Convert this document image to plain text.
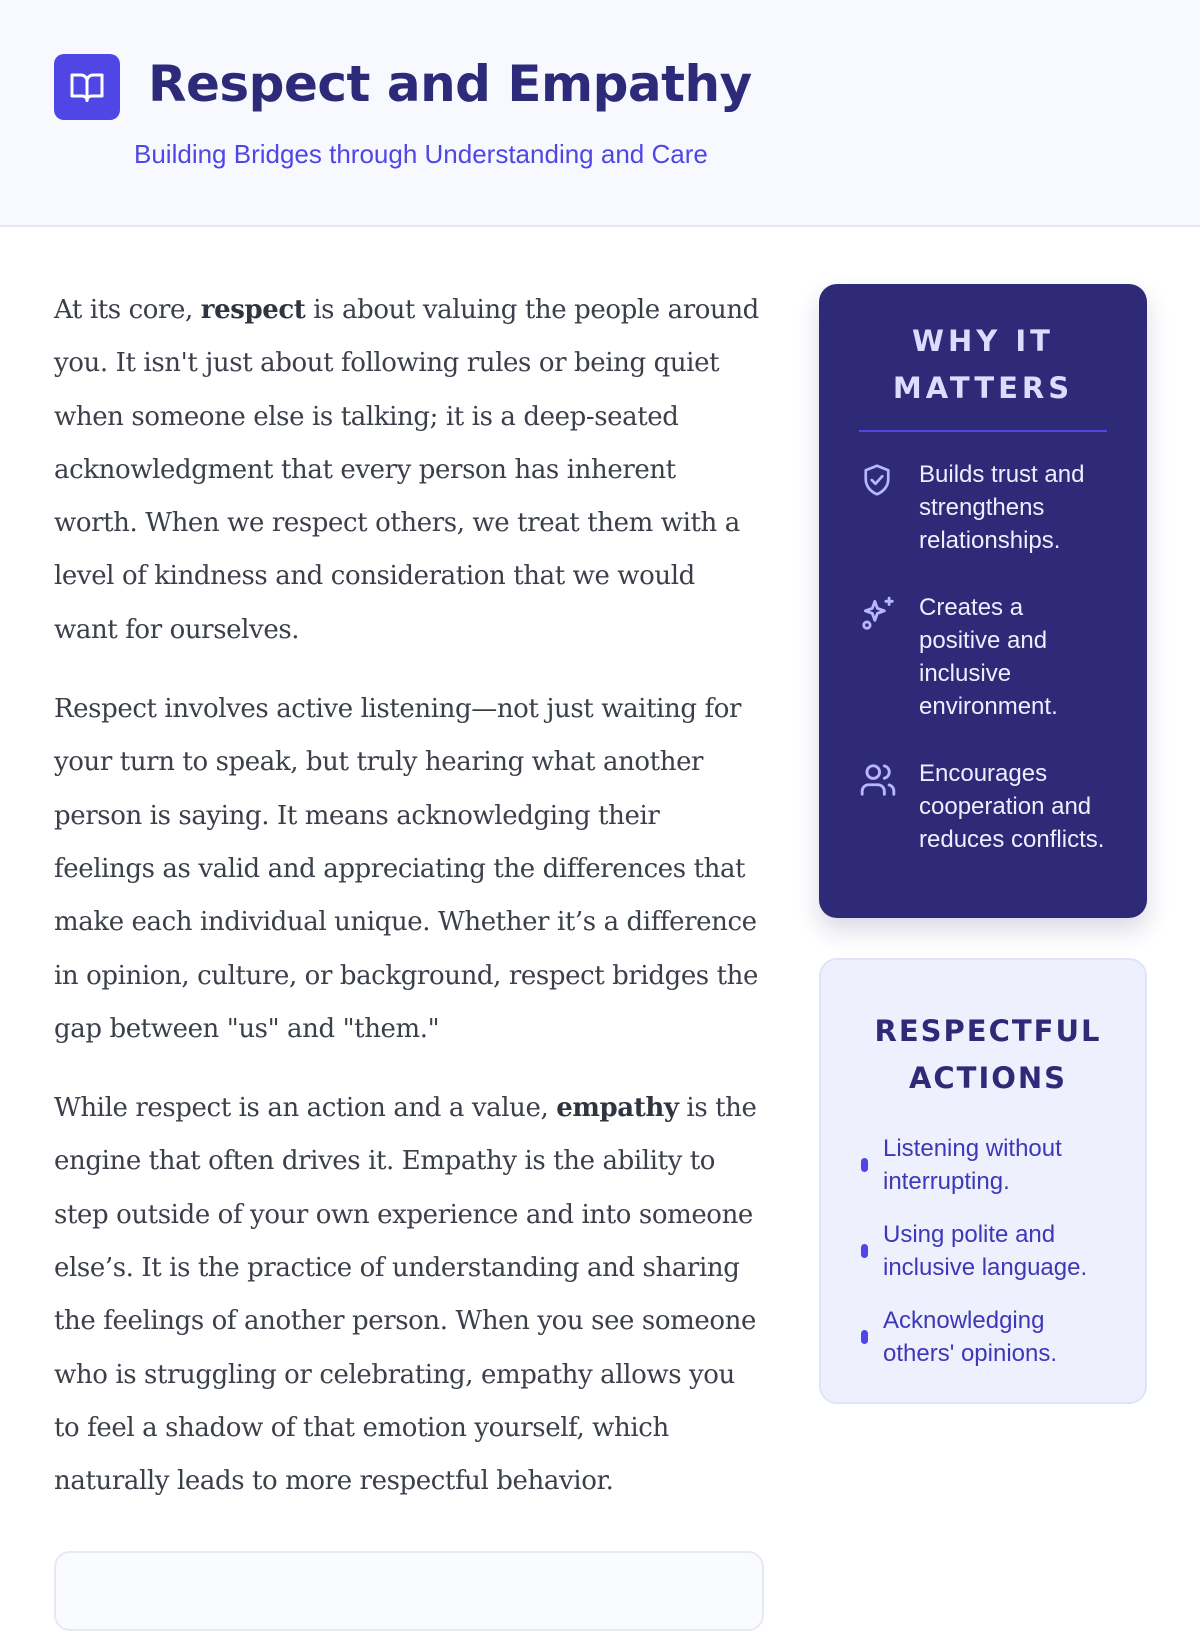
Respect and Empathy
Building Bridges through Understanding and Care

At its core, respect is about valuing the people around you. It isn't just about following rules or being quiet when someone else is talking; it is a deep-seated acknowledgment that every person has inherent worth. When we respect others, we treat them with a level of kindness and consideration that we would want for ourselves.

Respect involves active listening—not just waiting for your turn to speak, but truly hearing what another person is saying. It means acknowledging their feelings as valid and appreciating the differences that make each individual unique. Whether it’s a difference in opinion, culture, or background, respect bridges the gap between "us" and "them."

While respect is an action and a value, empathy is the engine that often drives it. Empathy is the ability to step outside of your own experience and into someone else’s. It is the practice of understanding and sharing the feelings of another person. When you see someone who is struggling or celebrating, empathy allows you to feel a shadow of that emotion yourself, which naturally leads to more respectful behavior.

WHY IT MATTERS
Builds trust and strengthens relationships.
Creates a positive and inclusive environment.
Encourages cooperation and reduces conflicts.
RESPECTFUL ACTIONS
Listening without interrupting.
Using polite and inclusive language.
Acknowledging others' opinions.
